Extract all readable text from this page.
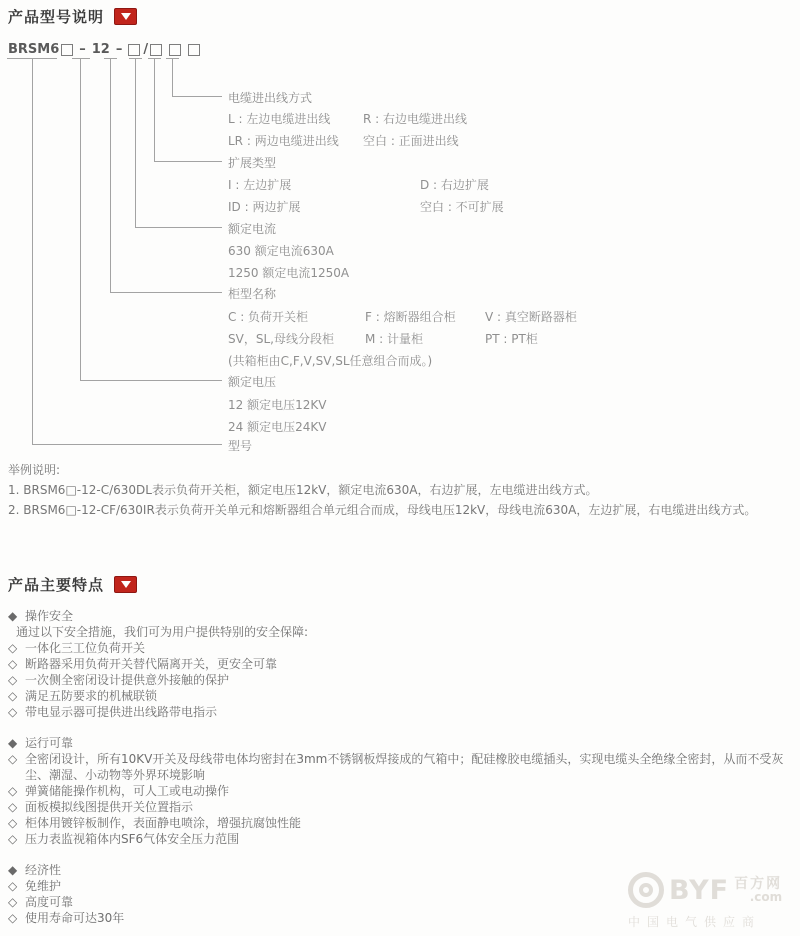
产品型号说明
BRSM6 – 12 – /
电缆进出线方式
L : 左边电缆进出线	R : 右边电缆进出线
LR : 两边电缆进出线	空白 : 正面进出线
扩展类型
I : 左边扩展	D : 右边扩展
ID : 两边扩展	空白 : 不可扩展
额定电流
630 额定电流630A
1250 额定电流1250A
柜型名称
C : 负荷开关柜	F : 熔断器组合柜	V : 真空断路器柜
SV，SL,母线分段柜	M : 计量柜	PT : PT柜
(共箱柜由C,F,V,SV,SL任意组合而成。)
额定电压
12 额定电压12KV
24 额定电压24KV
型号
举例说明:

1. BRSM6□-12-C/630DL表示负荷开关柜，额定电压12kV，额定电流630A，右边扩展，左电缆进出线方式。

2. BRSM6□-12-CF/630IR表示负荷开关单元和熔断器组合单元组合而成，母线电压12kV，母线电流630A，左边扩展，右电缆进出线方式。

产品主要特点
◆ 操作安全
通过以下安全措施，我们可为用户提供特别的安全保障:
◇ 一体化三工位负荷开关
◇ 断路器采用负荷开关替代隔离开关，更安全可靠
◇ 一次侧全密闭设计提供意外接触的保护
◇ 满足五防要求的机械联锁
◇ 带电显示器可提供进出线路带电指示
◆ 运行可靠
◇ 全密闭设计，所有10KV开关及母线带电体均密封在3mm不锈钢板焊接成的气箱中；配硅橡胶电缆插头，实现电缆头全绝缘全密封，从而不受灰尘、潮湿、小动物等外界环境影响
◇ 弹簧储能操作机构，可人工或电动操作
◇ 面板模拟线图提供开关位置指示
◇ 柜体用镀锌板制作，表面静电喷涂，增强抗腐蚀性能
◇ 压力表监视箱体内SF6气体安全压力范围
◆ 经济性
◇ 免维护
◇ 高度可靠
◇ 使用寿命可达30年
BYF 百方网
.com
中国电气供应商
